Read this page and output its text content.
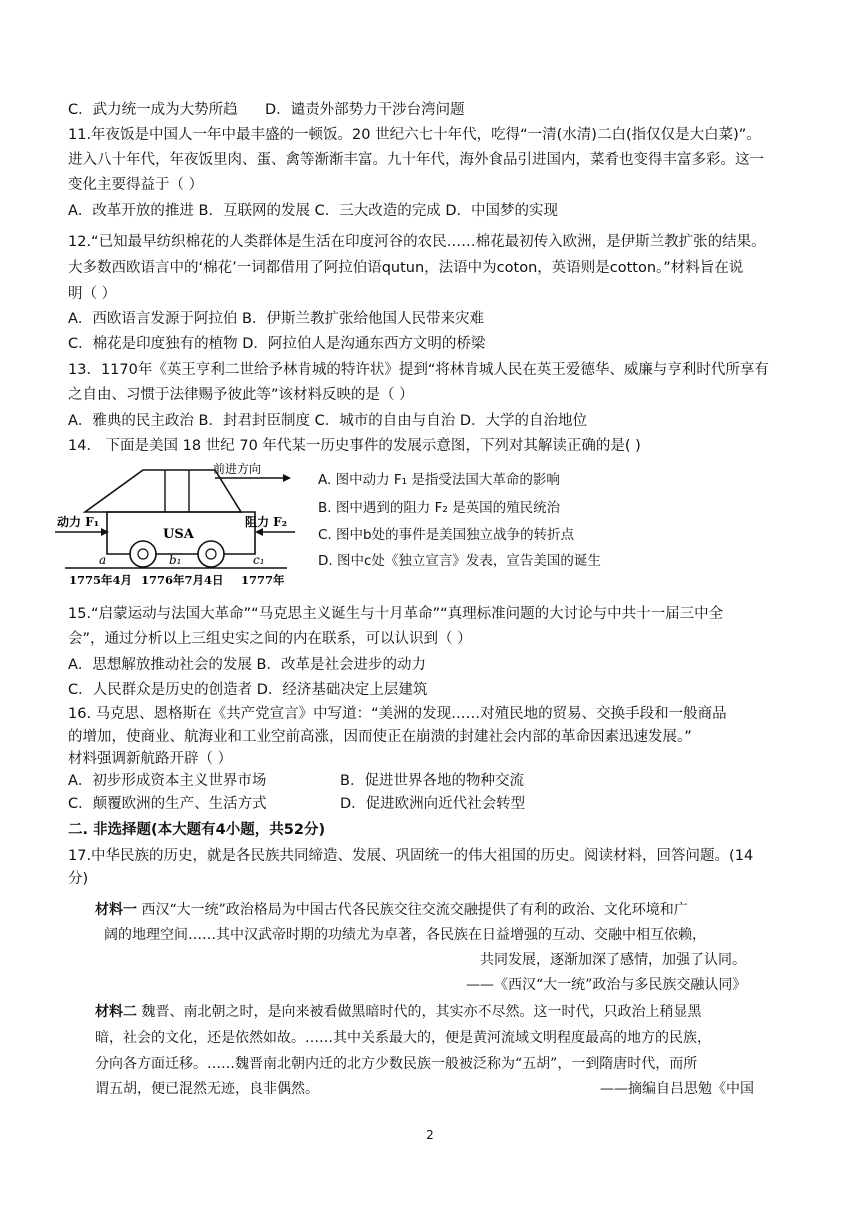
C．武力统一成为大势所趋 D．谴责外部势力干涉台湾问题
11.年夜饭是中国人一年中最丰盛的一顿饭。20 世纪六七十年代，吃得“一清(水清)二白(指仅仅是大白菜)”。
进入八十年代，年夜饭里肉、蛋、禽等渐渐丰富。九十年代，海外食品引进国内，菜肴也变得丰富多彩。这一
变化主要得益于（ ）
A．改革开放的推进 B．互联网的发展 C．三大改造的完成 D．中国梦的实现
12.“已知最早纺织棉花的人类群体是生活在印度河谷的农民……棉花最初传入欧洲，是伊斯兰教扩张的结果。
大多数西欧语言中的‘棉花’一词都借用了阿拉伯语qutun，法语中为coton，英语则是cotton。”材料旨在说
明（ ）
A．西欧语言发源于阿拉伯 B．伊斯兰教扩张给他国人民带来灾难
C．棉花是印度独有的植物 D．阿拉伯人是沟通东西方文明的桥梁
13．1170年《英王亨利二世给予林肯城的特许状》提到“将林肯城人民在英王爱德华、威廉与亨利时代所享有
之自由、习惯于法律赐予彼此等”该材料反映的是（ ）
A．雅典的民主政治 B．封君封臣制度 C．城市的自由与自治 D．大学的自治地位
14． 下面是美国 18 世纪 70 年代某一历史事件的发展示意图，下列对其解读正确的是( )
前进方向
USA
动力 F₁	阻力 F₂
a	b₁	c₁
1775年4月 1776年7月4日 1777年
A. 图中动力 F₁ 是指受法国大革命的影响
B. 图中遇到的阻力 F₂ 是英国的殖民统治
C. 图中b处的事件是美国独立战争的转折点
D. 图中c处《独立宣言》发表，宣告美国的诞生
15.“启蒙运动与法国大革命”“马克思主义诞生与十月革命”“真理标准问题的大讨论与中共十一届三中全
会”，通过分析以上三组史实之间的内在联系，可以认识到（ ）
A．思想解放推动社会的发展 B．改革是社会进步的动力
C．人民群众是历史的创造者 D．经济基础决定上层建筑
16. 马克思、恩格斯在《共产党宣言》中写道：“美洲的发现……对殖民地的贸易、交换手段和一般商品
的增加，使商业、航海业和工业空前高涨，因而使正在崩溃的封建社会内部的革命因素迅速发展。”
材料强调新航路开辟（ ）
A．初步形成资本主义世界市场	B．促进世界各地的物种交流
C．颠覆欧洲的生产、生活方式	D．促进欧洲向近代社会转型
二. 非选择题(本大题有4小题，共52分)
17.中华民族的历史，就是各民族共同缔造、发展、巩固统一的伟大祖国的历史。阅读材料，回答问题。(14
分)
材料一 西汉“大一统”政治格局为中国古代各民族交往交流交融提供了有利的政治、文化环境和广
阔的地理空间……其中汉武帝时期的功绩尤为卓著，各民族在日益增强的互动、交融中相互依赖，
共同发展，逐渐加深了感情，加强了认同。
——《西汉“大一统”政治与多民族交融认同》
材料二 魏晋、南北朝之时，是向来被看做黑暗时代的，其实亦不尽然。这一时代，只政治上稍显黑
暗，社会的文化，还是依然如故。……其中关系最大的，便是黄河流域文明程度最高的地方的民族，
分向各方面迁移。……魏晋南北朝内迁的北方少数民族一般被泛称为“五胡”，一到隋唐时代，而所
谓五胡，便已混然无迹，良非偶然。	——摘编自吕思勉《中国
2
